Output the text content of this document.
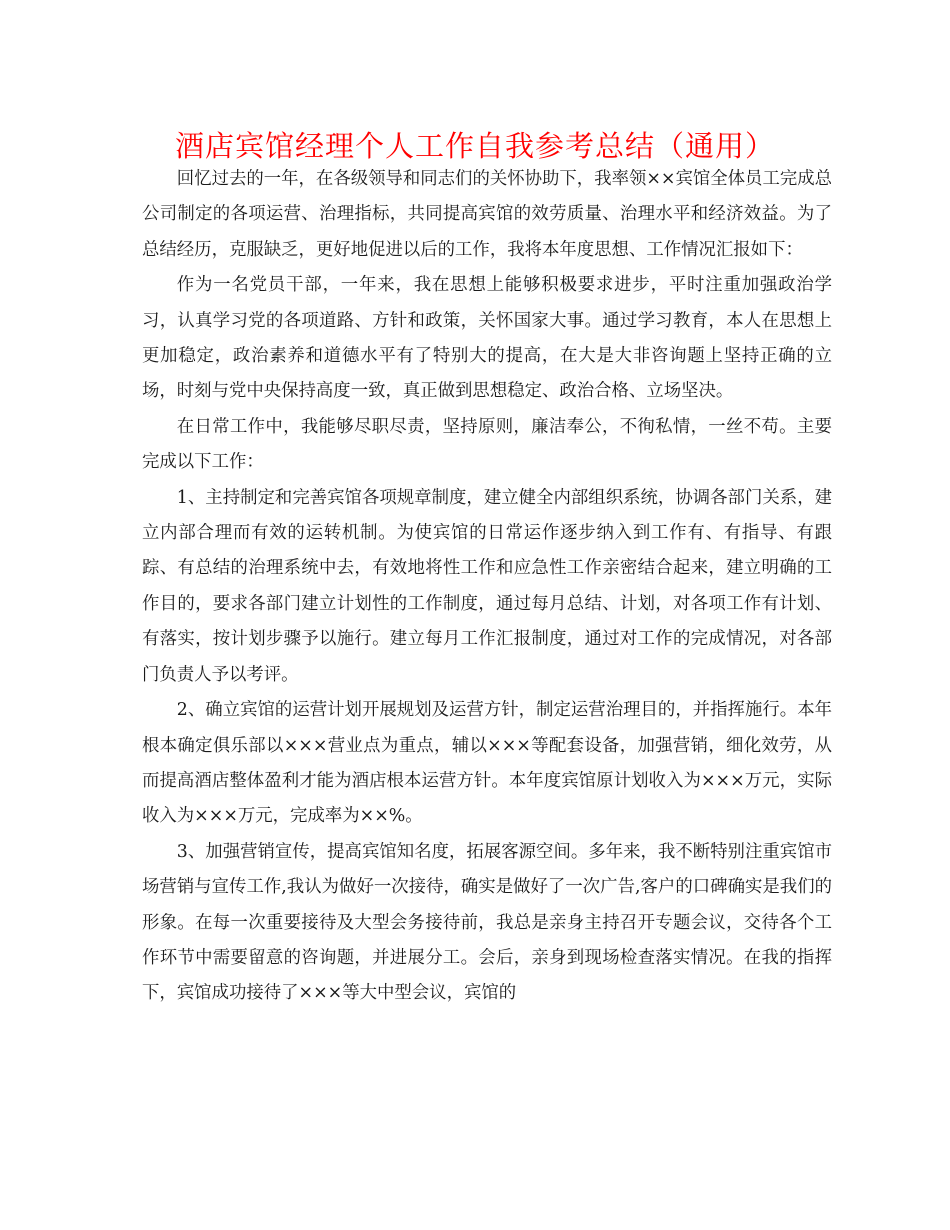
酒店宾馆经理个人工作自我参考总结（通用）

回忆过去的一年，在各级领导和同志们的关怀协助下，我率领××宾馆全体员工完成总公司制定的各项运营、治理指标，共同提高宾馆的效劳质量、治理水平和经济效益。为了总结经历，克服缺乏，更好地促进以后的工作，我将本年度思想、工作情况汇报如下：

作为一名党员干部，一年来，我在思想上能够积极要求进步，平时注重加强政治学习，认真学习党的各项道路、方针和政策，关怀国家大事。通过学习教育，本人在思想上更加稳定，政治素养和道德水平有了特别大的提高，在大是大非咨询题上坚持正确的立场，时刻与党中央保持高度一致，真正做到思想稳定、政治合格、立场坚决。

在日常工作中，我能够尽职尽责，坚持原则，廉洁奉公，不徇私情，一丝不苟。主要完成以下工作：

1、主持制定和完善宾馆各项规章制度，建立健全内部组织系统，协调各部门关系，建立内部合理而有效的运转机制。为使宾馆的日常运作逐步纳入到工作有、有指导、有跟踪、有总结的治理系统中去，有效地将性工作和应急性工作亲密结合起来，建立明确的工作目的，要求各部门建立计划性的工作制度，通过每月总结、计划，对各项工作有计划、有落实，按计划步骤予以施行。建立每月工作汇报制度，通过对工作的完成情况，对各部门负责人予以考评。

2、确立宾馆的运营计划开展规划及运营方针，制定运营治理目的，并指挥施行。本年根本确定俱乐部以×××营业点为重点，辅以×××等配套设备，加强营销，细化效劳，从而提高酒店整体盈利才能为酒店根本运营方针。本年度宾馆原计划收入为×××万元，实际收入为×××万元，完成率为××%。

3、加强营销宣传，提高宾馆知名度，拓展客源空间。多年来，我不断特别注重宾馆市场营销与宣传工作,我认为做好一次接待，确实是做好了一次广告,客户的口碑确实是我们的形象。在每一次重要接待及大型会务接待前，我总是亲身主持召开专题会议，交待各个工作环节中需要留意的咨询题，并进展分工。会后，亲身到现场检查落实情况。在我的指挥下，宾馆成功接待了×××等大中型会议，宾馆的
